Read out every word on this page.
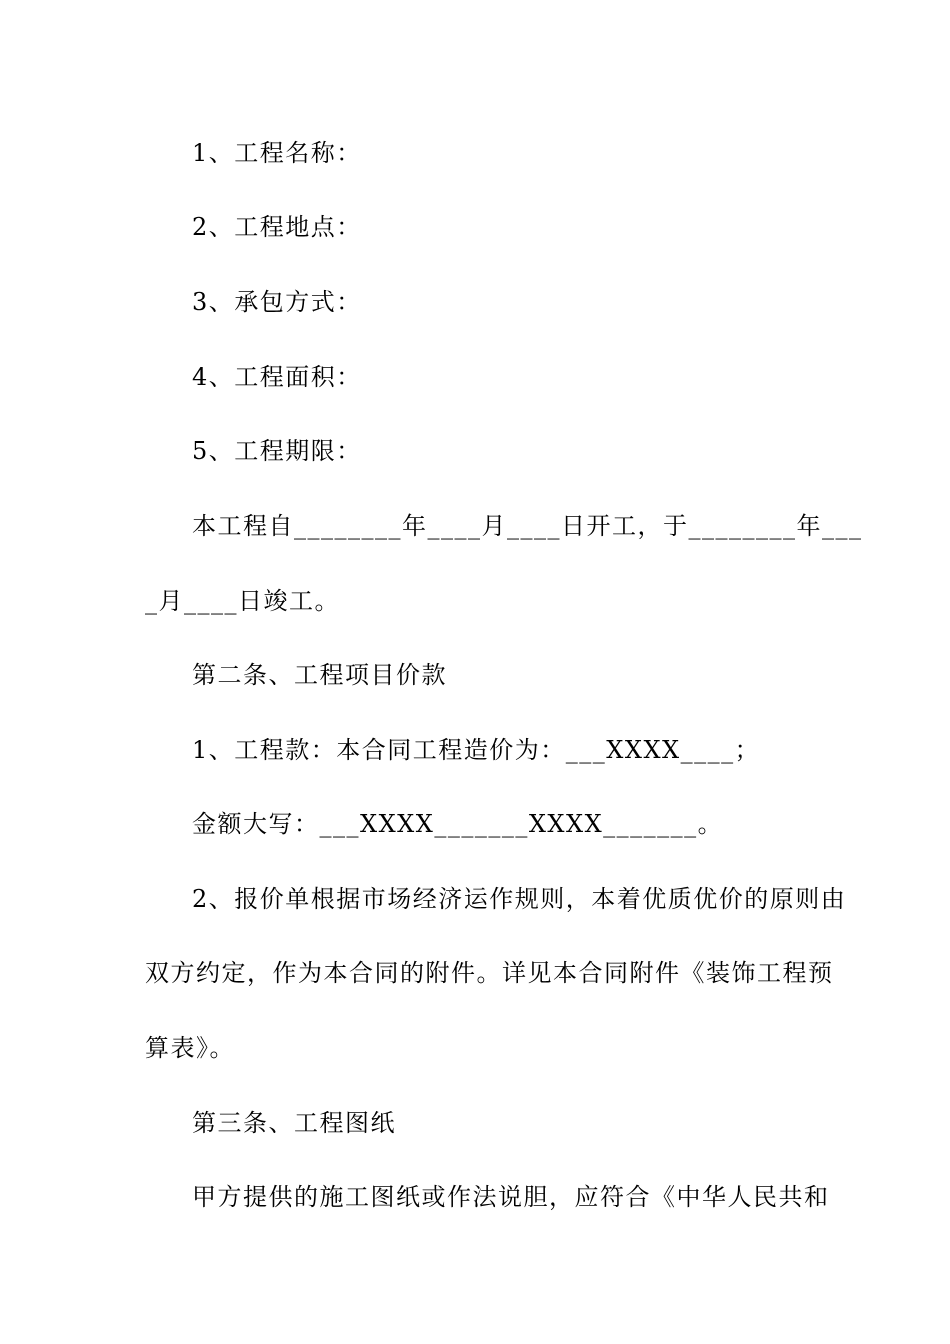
1、工程名称：
2、工程地点：
3、承包方式：
4、工程面积：
5、工程期限：
本工程自________年____月____日开工，于________年___
_月____日竣工。
第二条、工程项目价款
1、工程款：本合同工程造价为：___XXXX____；
金额大写：___XXXX_______XXXX_______。
2、报价单根据市场经济运作规则，本着优质优价的原则由
双方约定，作为本合同的附件。详见本合同附件《装饰工程预
算表》。
第三条、工程图纸
甲方提供的施工图纸或作法说胆，应符合《中华人民共和
